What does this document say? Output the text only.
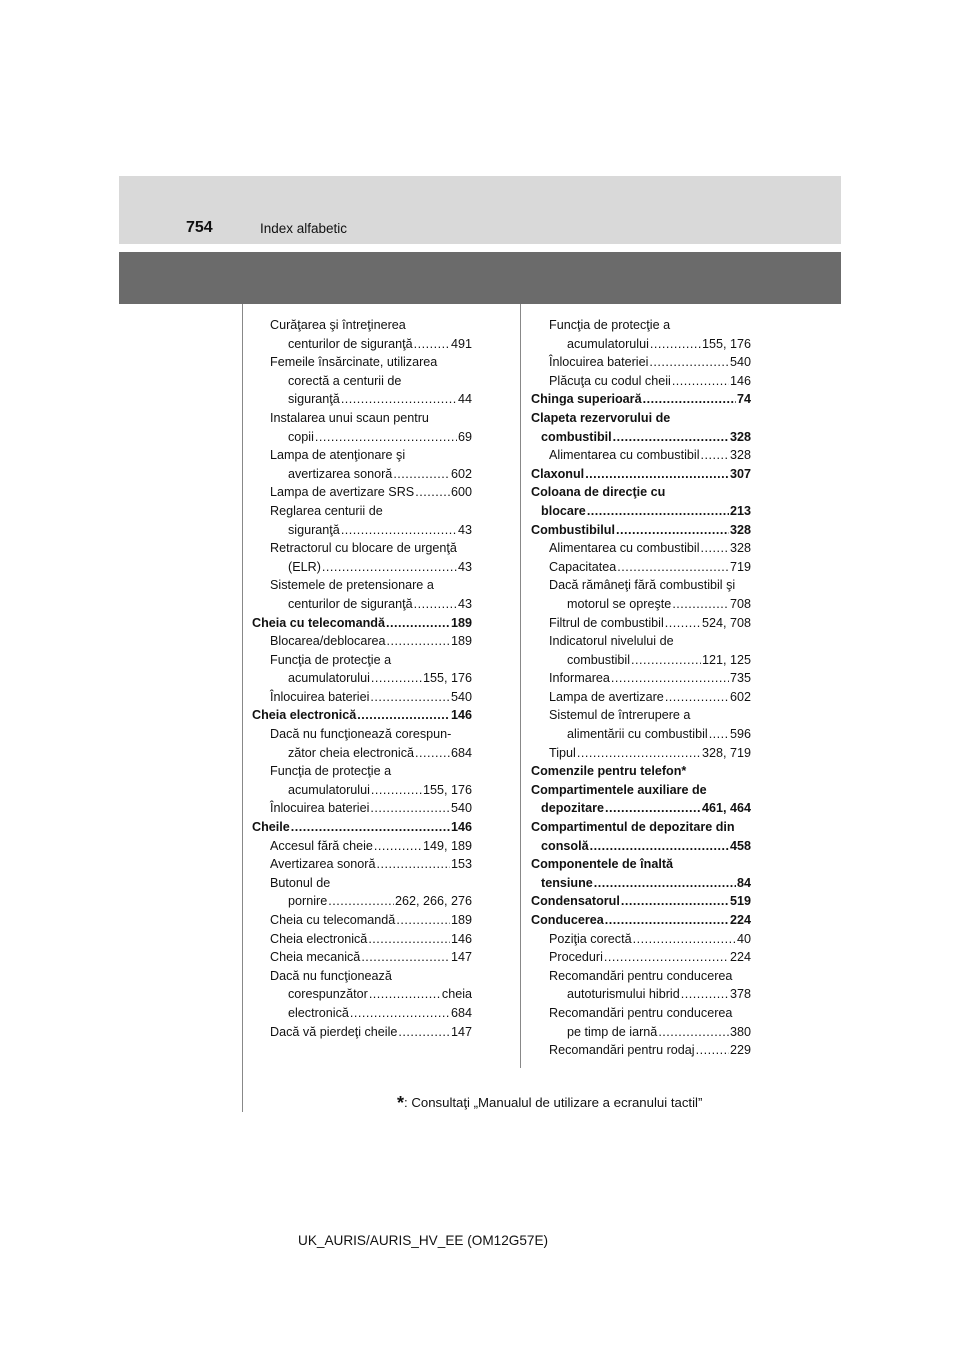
754	Index alfabetic
Curăţarea şi întreţinerea
centurilor de siguranţă .....	491
Femeile însărcinate, utilizarea
corectă a centurii de
siguranţă .....	44
Instalarea unui scaun pentru
copii .....	69
Lampa de atenţionare şi
avertizarea sonoră .....	602
Lampa de avertizare SRS .....	600
Reglarea centurii de
siguranţă .....	43
Retractorul cu blocare de urgenţă
(ELR) .....	43
Sistemele de pretensionare a
centurilor de siguranţă .....	43
Cheia cu telecomandă .....	189
Blocarea/deblocarea .....	189
Funcţia de protecţie a
acumulatorului .....	155, 176
Înlocuirea bateriei .....	540
Cheia electronică .....	146
Dacă nu funcţionează corespun-
zător cheia electronică .....	684
Funcţia de protecţie a
acumulatorului .....	155, 176
Înlocuirea bateriei .....	540
Cheile .....	146
Accesul fără cheie .....	149, 189
Avertizarea sonoră .....	153
Butonul de
pornire .....	262, 266, 276
Cheia cu telecomandă .....	189
Cheia electronică .....	146
Cheia mecanică .....	147
Dacă nu funcţionează
corespunzător .....	cheia
electronică .....	684
Dacă vă pierdeţi cheile .....	147
Funcţia de protecţie a
acumulatorului .....	155, 176
Înlocuirea bateriei .....	540
Plăcuţa cu codul cheii .....	146
Chinga superioară .....	74
Clapeta rezervorului de
combustibil .....	328
Alimentarea cu combustibil ..... 328
Claxonul .....	307
Coloana de direcţie cu
blocare .....	213
Combustibilul .....	328
Alimentarea cu combustibil ..... 328
Capacitatea .....	719
Dacă rămâneţi fără combustibil şi
motorul se opreşte .....	708
Filtrul de combustibil .....	524, 708
Indicatorul nivelului de
combustibil .....	121, 125
Informarea .....	735
Lampa de avertizare .....	602
Sistemul de întrerupere a
alimentării cu combustibil ..... 596
Tipul .....	328, 719
Comenzile pentru telefon*
Compartimentele auxiliare de
depozitare .....	461, 464
Compartimentul de depozitare din
consolă .....	458
Componentele de înaltă
tensiune .....	84
Condensatorul .....	519
Conducerea .....	224
Poziţia corectă .....	40
Proceduri .....	224
Recomandări pentru conducerea
autoturismului hibrid .....	378
Recomandări pentru conducerea
pe timp de iarnă .....	380
Recomandări pentru rodaj .....	229
*: Consultaţi „Manualul de utilizare a ecranului tactil”
UK_AURIS/AURIS_HV_EE (OM12G57E)
